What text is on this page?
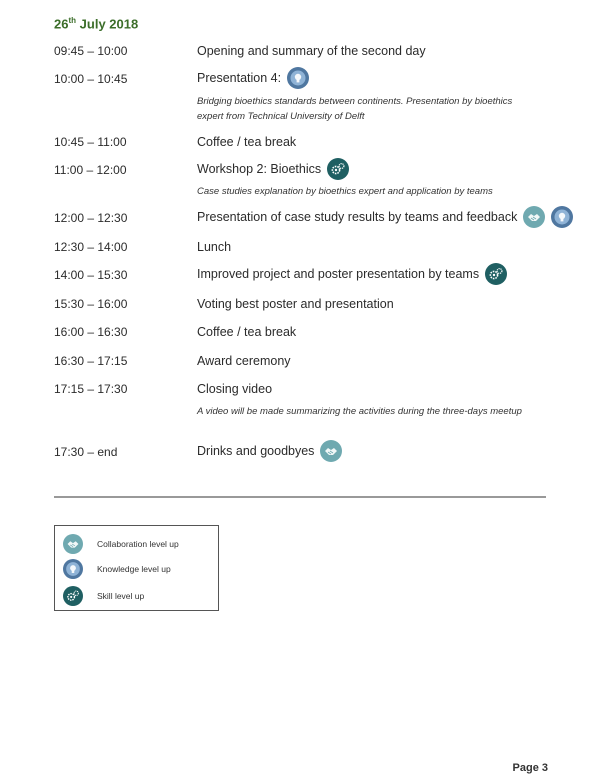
26th July 2018
09:45 – 10:00	Opening and summary of the second day
10:00 – 10:45	Presentation 4:
Bridging bioethics standards between continents. Presentation by bioethics expert from Technical University of Delft
10:45 – 11:00	Coffee / tea break
11:00 – 12:00	Workshop 2: Bioethics
Case studies explanation by bioethics expert and application by teams
12:00 – 12:30	Presentation of case study results by teams and feedback
12:30 – 14:00	Lunch
14:00 – 15:30	Improved project and poster presentation by teams
15:30 – 16:00	Voting best poster and presentation
16:00 – 16:30	Coffee / tea break
16:30 – 17:15	Award ceremony
17:15 – 17:30	Closing video
A video will be made summarizing the activities during the three-days meetup
17:30 – end	Drinks and goodbyes
Collaboration level up
Knowledge level up
Skill level up
Page 3
